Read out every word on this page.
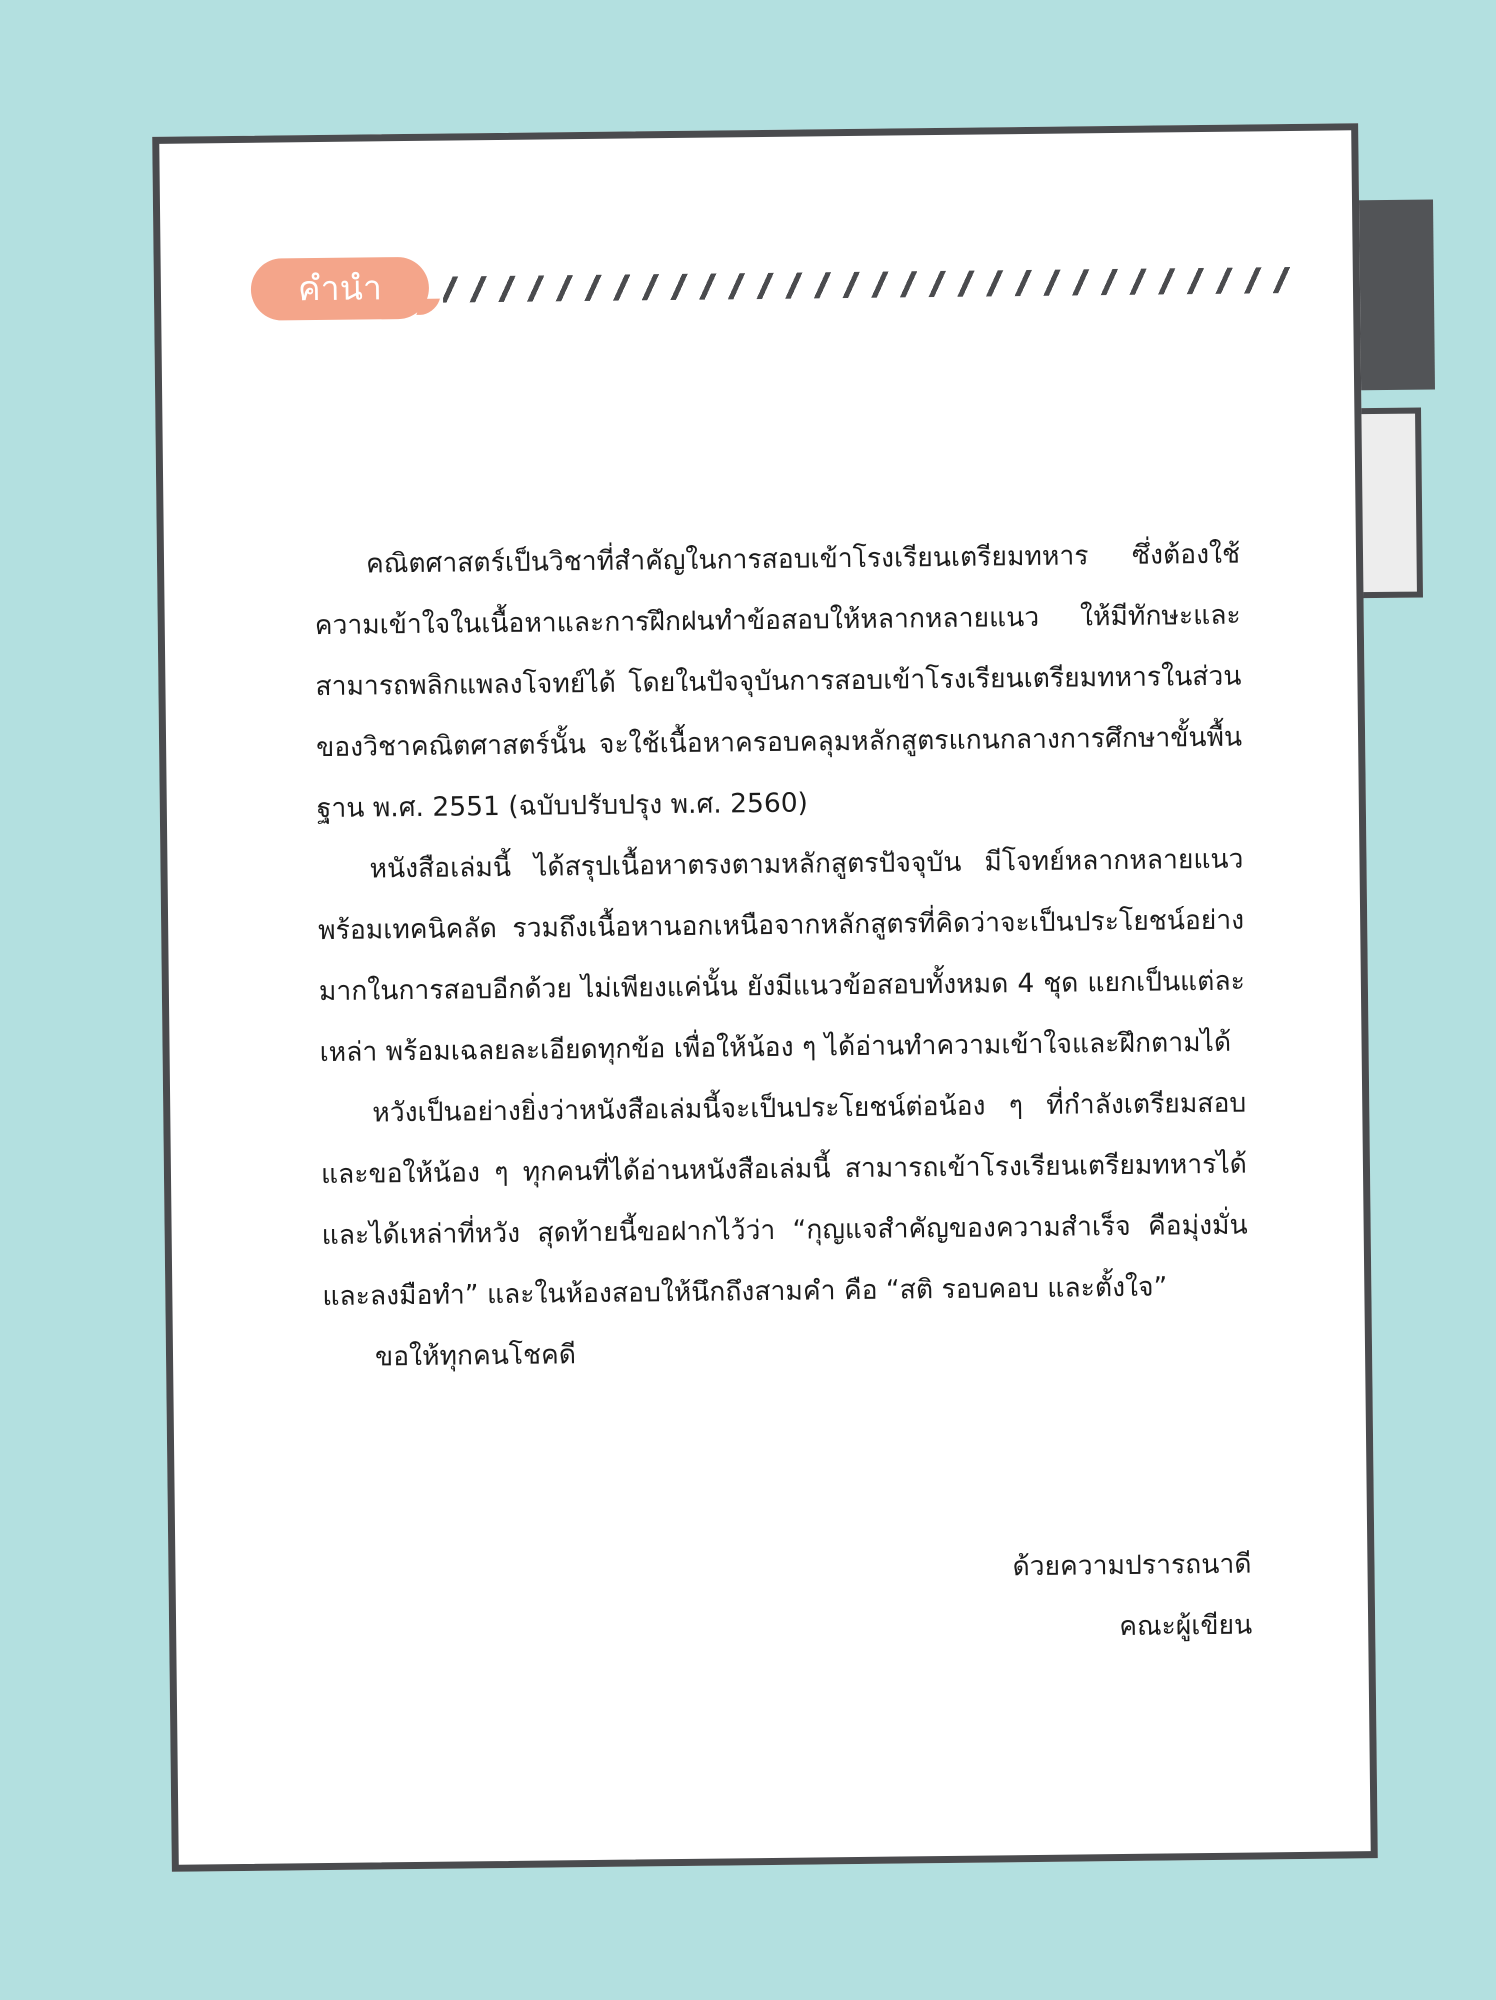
คำนำ

คณิตศาสตร์เป็นวิชาที่สำคัญในการสอบเข้าโรงเรียนเตรียมทหาร ซึ่งต้องใช้ความเข้าใจในเนื้อหาและการฝึกฝนทำข้อสอบให้หลากหลายแนว ให้มีทักษะและสามารถพลิกแพลงโจทย์ได้ โดยในปัจจุบันการสอบเข้าโรงเรียนเตรียมทหารในส่วนของวิชาคณิตศาสตร์นั้น จะใช้เนื้อหาครอบคลุมหลักสูตรแกนกลางการศึกษาขั้นพื้นฐาน พ.ศ. 2551 (ฉบับปรับปรุง พ.ศ. 2560)

หนังสือเล่มนี้ ได้สรุปเนื้อหาตรงตามหลักสูตรปัจจุบัน มีโจทย์หลากหลายแนวพร้อมเทคนิคลัด รวมถึงเนื้อหานอกเหนือจากหลักสูตรที่คิดว่าจะเป็นประโยชน์อย่างมากในการสอบอีกด้วย ไม่เพียงแค่นั้น ยังมีแนวข้อสอบทั้งหมด 4 ชุด แยกเป็นแต่ละเหล่า พร้อมเฉลยละเอียดทุกข้อ เพื่อให้น้อง ๆ ได้อ่านทำความเข้าใจและฝึกตามได้

หวังเป็นอย่างยิ่งว่าหนังสือเล่มนี้จะเป็นประโยชน์ต่อน้อง ๆ ที่กำลังเตรียมสอบและขอให้น้อง ๆ ทุกคนที่ได้อ่านหนังสือเล่มนี้ สามารถเข้าโรงเรียนเตรียมทหารได้และได้เหล่าที่หวัง สุดท้ายนี้ขอฝากไว้ว่า “กุญแจสำคัญของความสำเร็จ คือมุ่งมั่นและลงมือทำ” และในห้องสอบให้นึกถึงสามคำ คือ “สติ รอบคอบ และตั้งใจ”

ขอให้ทุกคนโชคดี

ด้วยความปรารถนาดี
คณะผู้เขียน
